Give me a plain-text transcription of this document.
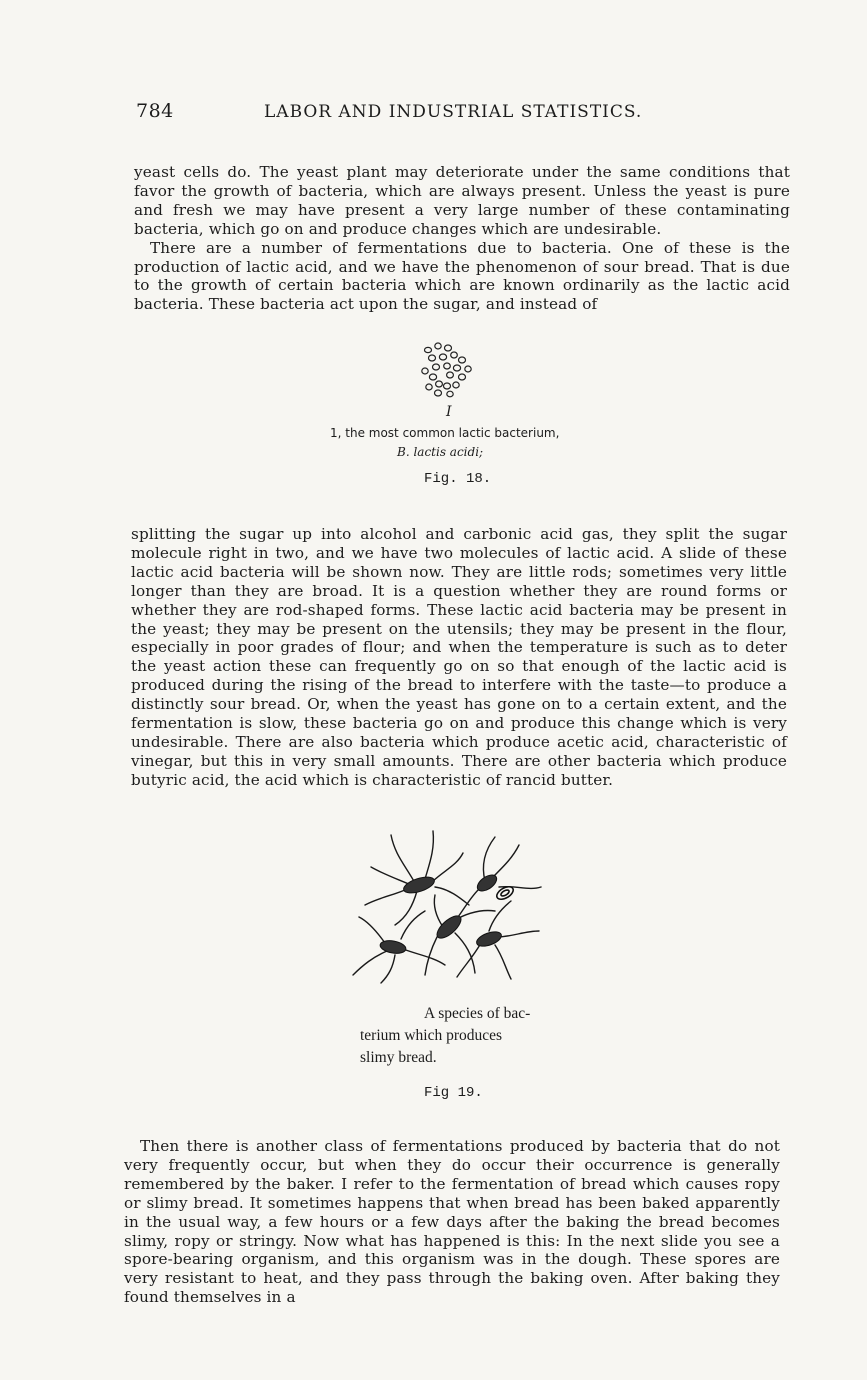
784	LABOR AND INDUSTRIAL STATISTICS.

yeast cells do. The yeast plant may deteriorate under the same conditions that favor the growth of bacteria, which are always present. Unless the yeast is pure and fresh we may have present a very large number of these contaminating bacteria, which go on and produce changes which are undesirable.

There are a number of fermentations due to bacteria. One of these is the production of lactic acid, and we have the phenomenon of sour bread. That is due to the growth of certain bacteria which are known ordinarily as the lactic acid bacteria. These bacteria act upon the sugar, and instead of

I
1, the most common lactic bacterium,
B. lactis acidi;
Fig. 18.

splitting the sugar up into alcohol and carbonic acid gas, they split the sugar molecule right in two, and we have two molecules of lactic acid. A slide of these lactic acid bacteria will be shown now. They are little rods; sometimes very little longer than they are broad. It is a question whether they are round forms or whether they are rod-shaped forms. These lactic acid bacteria may be present in the yeast; they may be present on the utensils; they may be present in the flour, especially in poor grades of flour; and when the temperature is such as to deter the yeast action these can frequently go on so that enough of the lactic acid is produced during the rising of the bread to interfere with the taste—to produce a distinctly sour bread. Or, when the yeast has gone on to a certain extent, and the fermentation is slow, these bacteria go on and produce this change which is very undesirable. There are also bacteria which produce acetic acid, characteristic of vinegar, but this in very small amounts. There are other bacteria which produce butyric acid, the acid which is characteristic of rancid butter.

A species of bac-
terium which produces
slimy bread.
Fig 19.

Then there is another class of fermentations produced by bacteria that do not very frequently occur, but when they do occur their occurrence is generally remembered by the baker. I refer to the fermentation of bread which causes ropy or slimy bread. It sometimes happens that when bread has been baked apparently in the usual way, a few hours or a few days after the baking the bread becomes slimy, ropy or stringy. Now what has happened is this: In the next slide you see a spore-bearing organism, and this organism was in the dough. These spores are very resistant to heat, and they pass through the baking oven. After baking they found themselves in a
